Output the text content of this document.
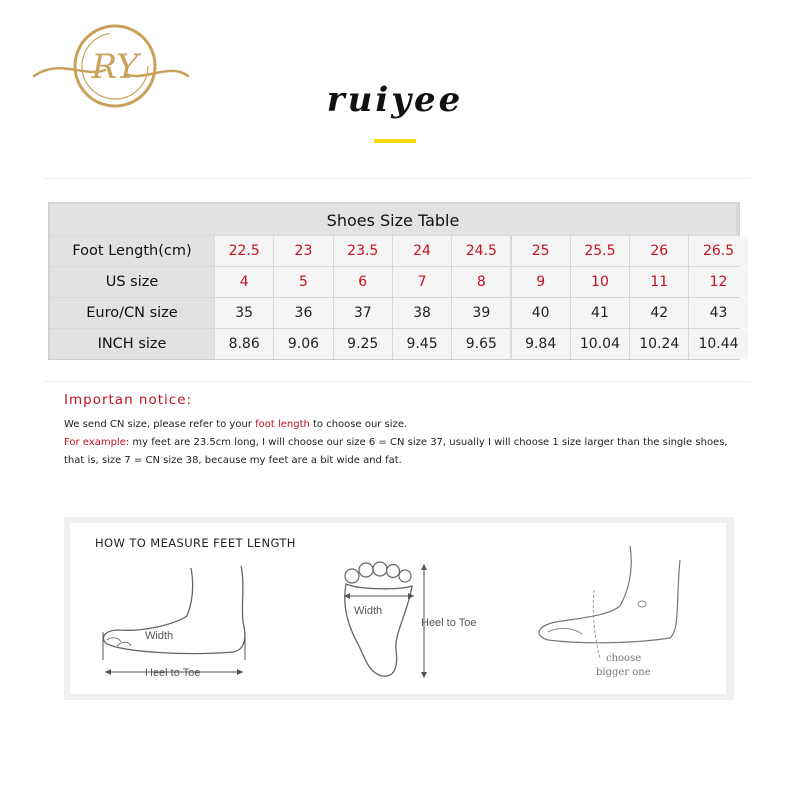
RY
ruiyee
Shoes Size Table
Foot Length(cm)	22.5	23	23.5	24	24.5	25	25.5	26	26.5
US size	4	5	6	7	8	9	10	11	12
Euro/CN size	35	36	37	38	39	40	41	42	43
INCH size	8.86	9.06	9.25	9.45	9.65	9.84	10.04	10.24	10.44
Importan notice:
We send CN size, please refer to your foot length to choose our size.
For example: my feet are 23.5cm long, I will choose our size 6 = CN size 37, usually I will choose 1 size larger than the single shoes,
that is, size 7 = CN size 38, because my feet are a bit wide and fat.
HOW TO MEASURE FEET LENGTH
Width
Heel to Toe
Width
Heel to Toe
choose
bigger one
